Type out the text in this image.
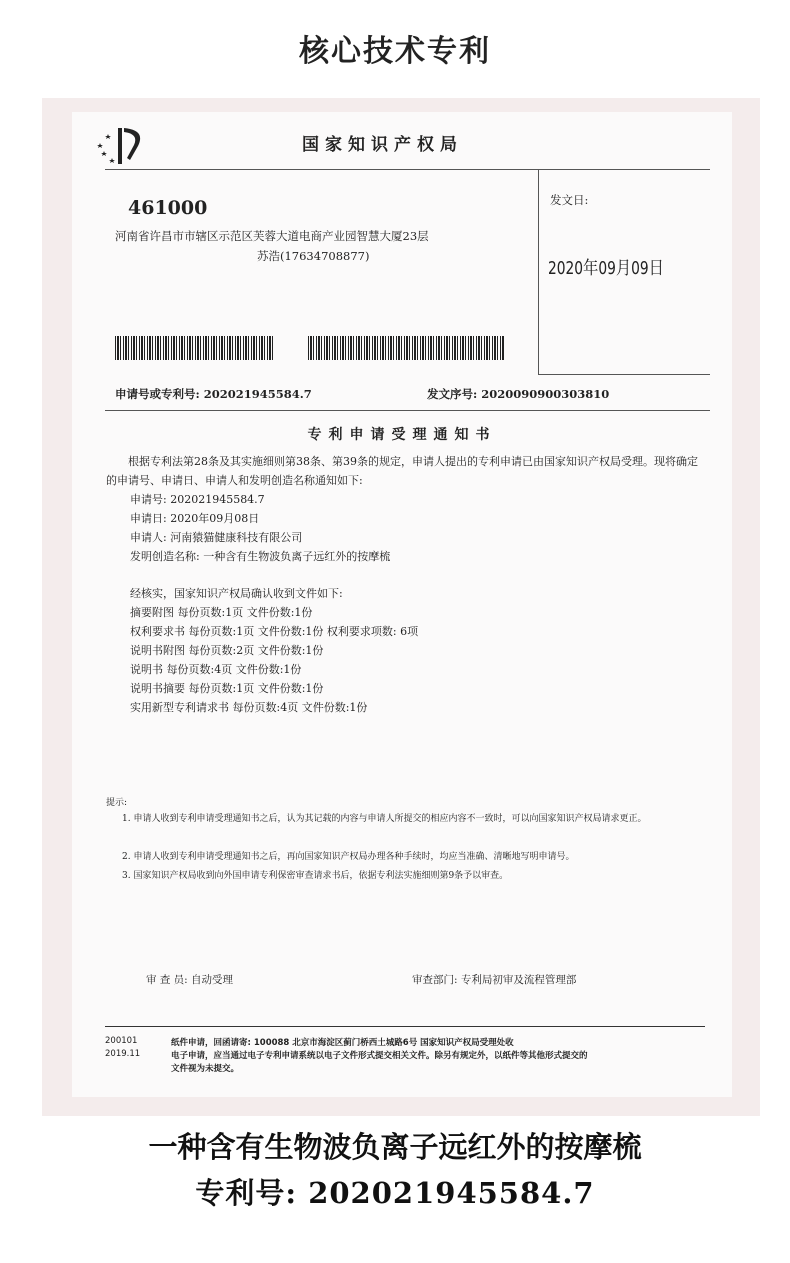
核心技术专利
国家知识产权局
461000
河南省许昌市市辖区示范区芙蓉大道电商产业园智慧大厦23层
苏浩(17634708877)
发文日:
2020年09月09日
申请号或专利号: 202021945584.7	发文序号: 2020090900303810
专利申请受理通知书
根据专利法第28条及其实施细则第38条、第39条的规定，申请人提出的专利申请已由国家知识产权局受理。现将确定的申请号、申请日、申请人和发明创造名称通知如下:
申请号: 202021945584.7
申请日: 2020年09月08日
申请人: 河南猿猫健康科技有限公司
发明创造名称: 一种含有生物波负离子远红外的按摩梳
经核实，国家知识产权局确认收到文件如下:
摘要附图 每份页数:1页 文件份数:1份
权利要求书 每份页数:1页 文件份数:1份 权利要求项数: 6项
说明书附图 每份页数:2页 文件份数:1份
说明书 每份页数:4页 文件份数:1份
说明书摘要 每份页数:1页 文件份数:1份
实用新型专利请求书 每份页数:4页 文件份数:1份
提示:
1. 申请人收到专利申请受理通知书之后，认为其记载的内容与申请人所提交的相应内容不一致时，可以向国家知识产权局请求更正。
2. 申请人收到专利申请受理通知书之后，再向国家知识产权局办理各种手续时，均应当准确、清晰地写明申请号。
3. 国家知识产权局收到向外国申请专利保密审查请求书后，依据专利法实施细则第9条予以审查。
审 查 员: 自动受理	审查部门: 专利局初审及流程管理部
200101
2019.11
纸件申请，回函请寄: 100088 北京市海淀区蓟门桥西土城路6号 国家知识产权局受理处收
电子申请，应当通过电子专利申请系统以电子文件形式提交相关文件。除另有规定外，以纸件等其他形式提交的
文件视为未提交。
一种含有生物波负离子远红外的按摩梳
专利号: 202021945584.7
